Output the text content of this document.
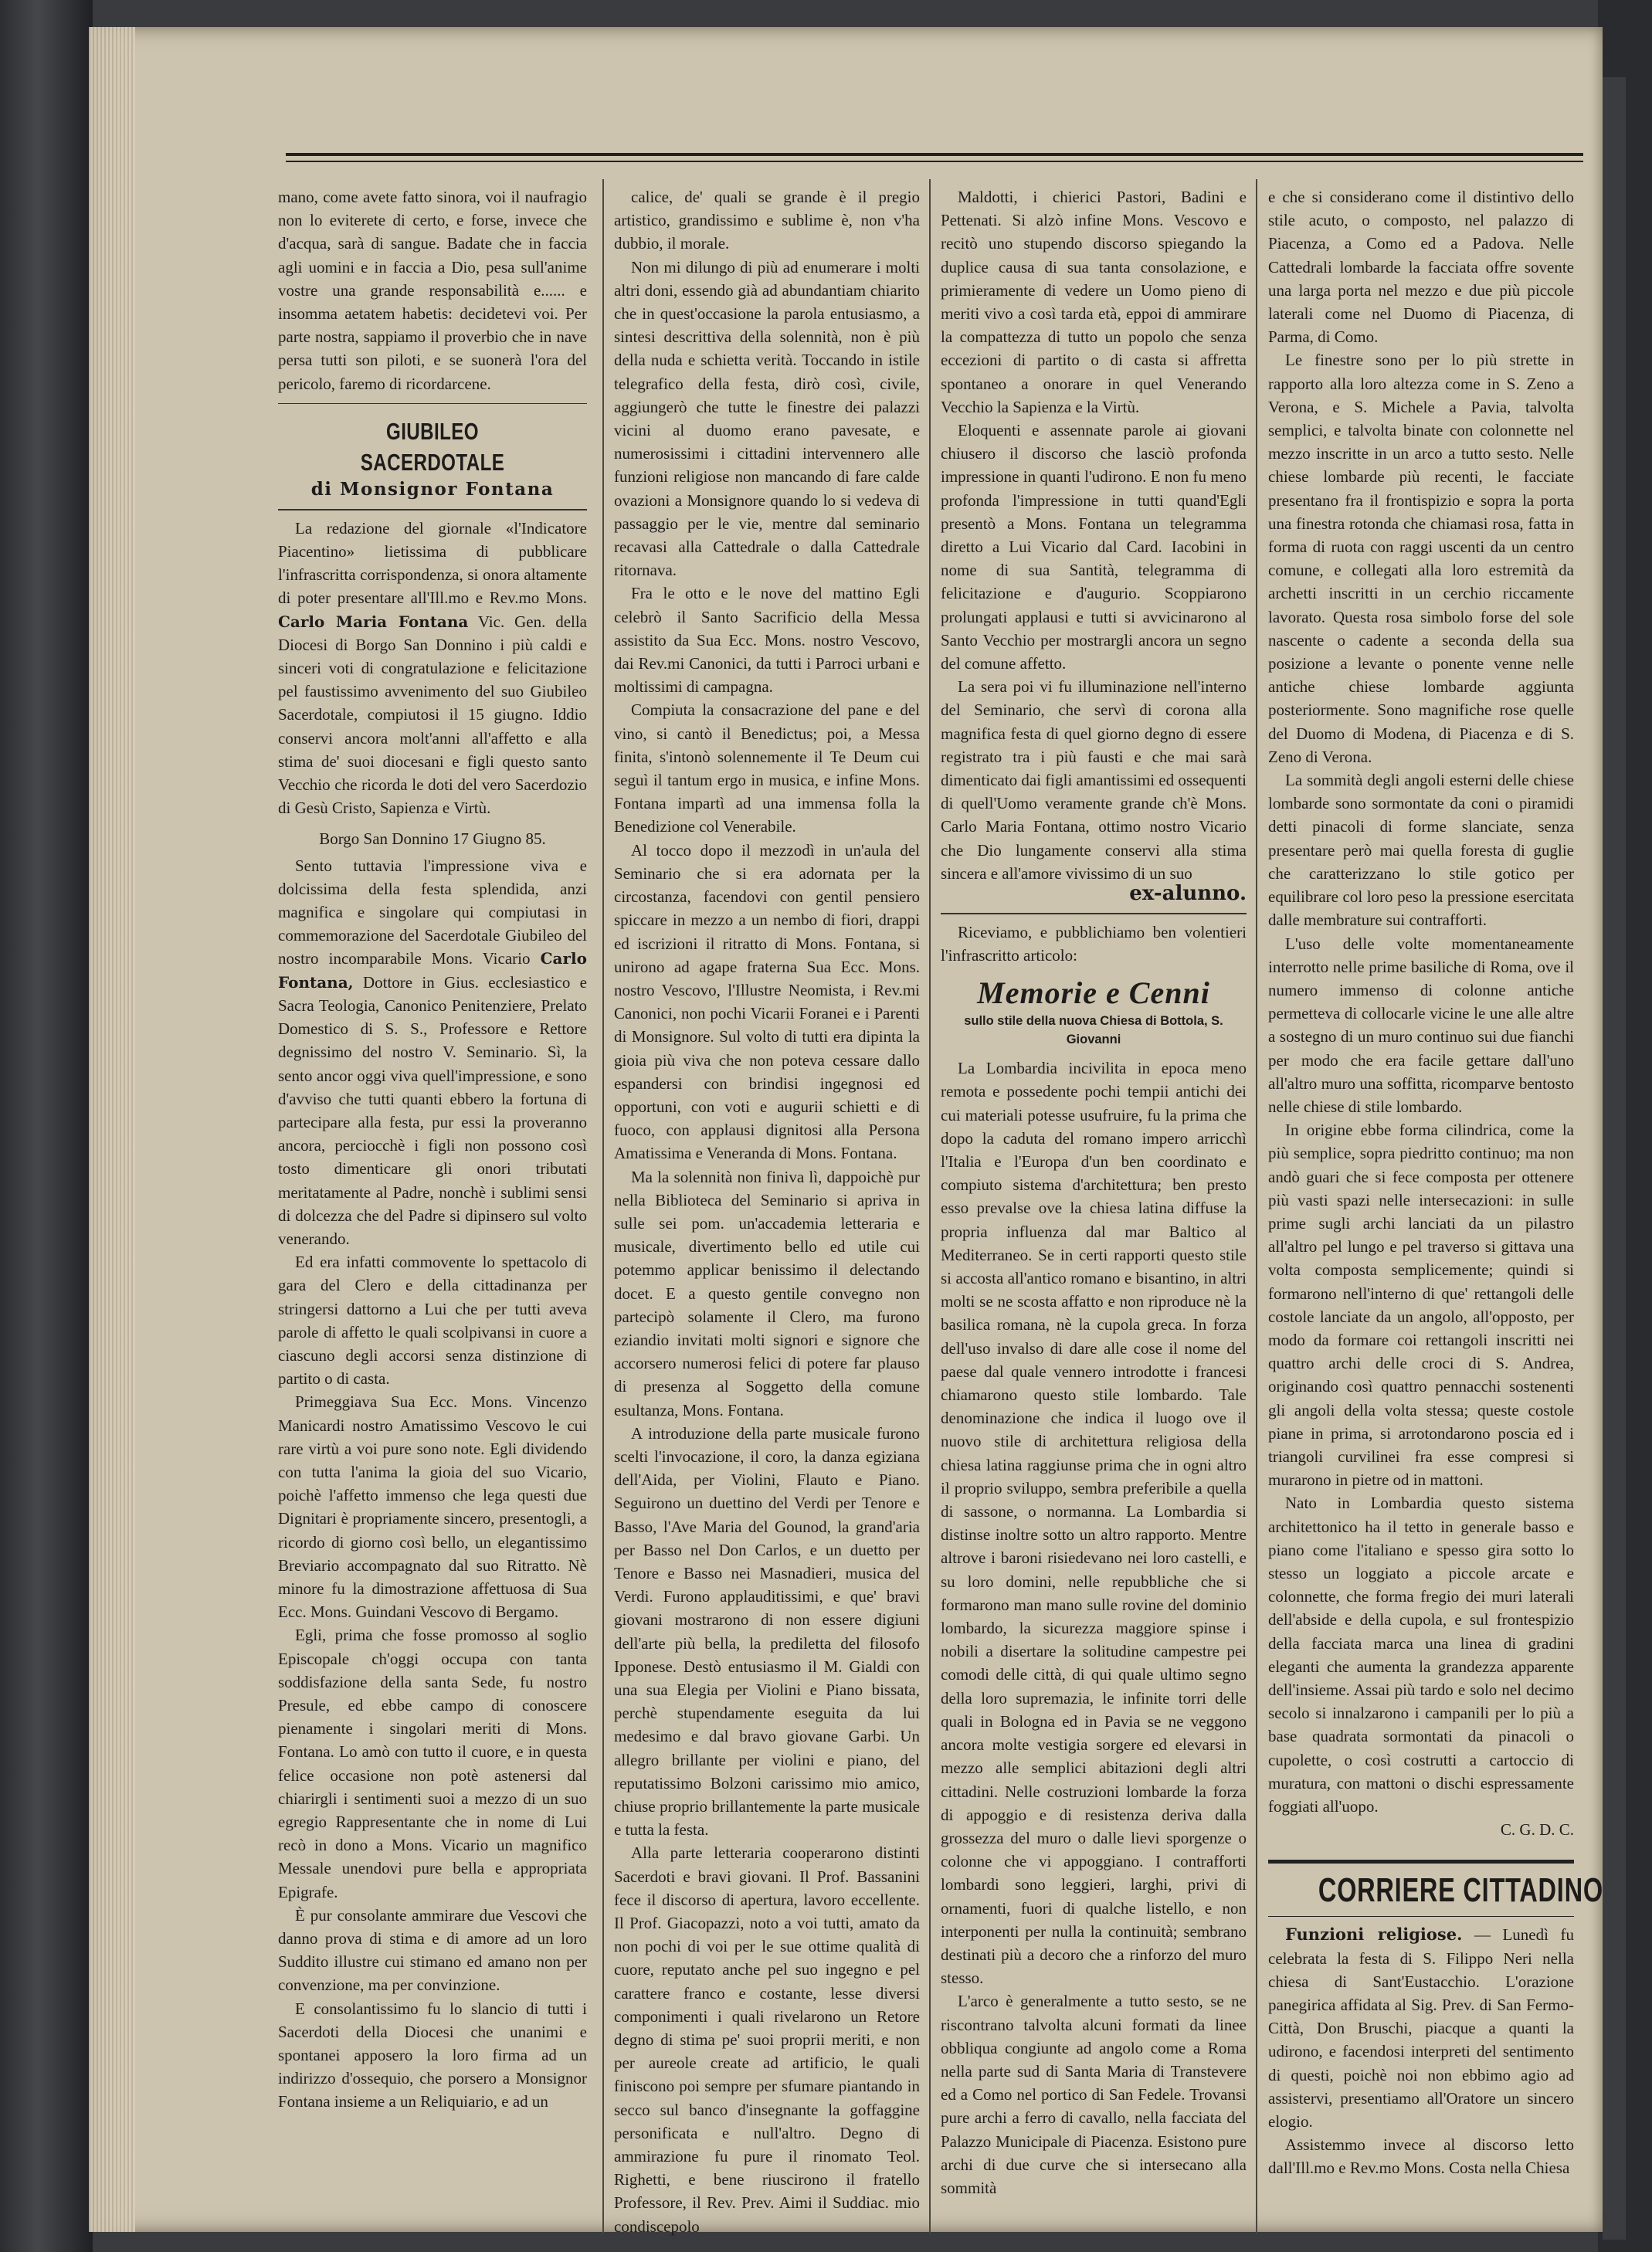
mano, come avete fatto sinora, voi il naufragio non lo eviterete di certo, e forse, invece che d'acqua, sarà di sangue. Badate che in faccia agli uomini e in faccia a Dio, pesa sull'anime vostre una grande responsabilità e...... e insomma aetatem habetis: decidetevi voi. Per parte nostra, sappiamo il proverbio che in nave persa tutti son piloti, e se suonerà l'ora del pericolo, faremo di ricordarcene.

GIUBILEO SACERDOTALE
di Monsignor Fontana

La redazione del giornale «l'Indicatore Piacentino» lietissima di pubblicare l'infrascritta corrispondenza, si onora altamente di poter presentare all'Ill.mo e Rev.mo Mons. Carlo Maria Fontana Vic. Gen. della Diocesi di Borgo San Donnino i più caldi e sinceri voti di congratulazione e felicitazione pel faustissimo avvenimento del suo Giubileo Sacerdotale, compiutosi il 15 giugno. Iddio conservi ancora molt'anni all'affetto e alla stima de' suoi diocesani e figli questo santo Vecchio che ricorda le doti del vero Sacerdozio di Gesù Cristo, Sapienza e Virtù.

Borgo San Donnino 17 Giugno 85.

Sento tuttavia l'impressione viva e dolcissima della festa splendida, anzi magnifica e singolare qui compiutasi in commemorazione del Sacerdotale Giubileo del nostro incomparabile Mons. Vicario Carlo Fontana, Dottore in Gius. ecclesiastico e Sacra Teologia, Canonico Penitenziere, Prelato Domestico di S. S., Professore e Rettore degnissimo del nostro V. Seminario. Sì, la sento ancor oggi viva quell'impressione, e sono d'avviso che tutti quanti ebbero la fortuna di partecipare alla festa, pur essi la proveranno ancora, perciocchè i figli non possono così tosto dimenticare gli onori tributati meritatamente al Padre, nonchè i sublimi sensi di dolcezza che del Padre si dipinsero sul volto venerando.

Ed era infatti commovente lo spettacolo di gara del Clero e della cittadinanza per stringersi dattorno a Lui che per tutti aveva parole di affetto le quali scolpivansi in cuore a ciascuno degli accorsi senza distinzione di partito o di casta.

Primeggiava Sua Ecc. Mons. Vincenzo Manicardi nostro Amatissimo Vescovo le cui rare virtù a voi pure sono note. Egli dividendo con tutta l'anima la gioia del suo Vicario, poichè l'affetto immenso che lega questi due Dignitari è propriamente sincero, presentogli, a ricordo di giorno così bello, un elegantissimo Breviario accompagnato dal suo Ritratto. Nè minore fu la dimostrazione affettuosa di Sua Ecc. Mons. Guindani Vescovo di Bergamo.

Egli, prima che fosse promosso al soglio Episcopale ch'oggi occupa con tanta soddisfazione della santa Sede, fu nostro Presule, ed ebbe campo di conoscere pienamente i singolari meriti di Mons. Fontana. Lo amò con tutto il cuore, e in questa felice occasione non potè astenersi dal chiarirgli i sentimenti suoi a mezzo di un suo egregio Rappresentante che in nome di Lui recò in dono a Mons. Vicario un magnifico Messale unendovi pure bella e appropriata Epigrafe.

È pur consolante ammirare due Vescovi che danno prova di stima e di amore ad un loro Suddito illustre cui stimano ed amano non per convenzione, ma per convinzione.

E consolantissimo fu lo slancio di tutti i Sacerdoti della Diocesi che unanimi e spontanei apposero la loro firma ad un indirizzo d'ossequio, che porsero a Monsignor Fontana insieme a un Reliquiario, e ad un

calice, de' quali se grande è il pregio artistico, grandissimo e sublime è, non v'ha dubbio, il morale.

Non mi dilungo di più ad enumerare i molti altri doni, essendo già ad abundantiam chiarito che in quest'occasione la parola entusiasmo, a sintesi descrittiva della solennità, non è più della nuda e schietta verità. Toccando in istile telegrafico della festa, dirò così, civile, aggiungerò che tutte le finestre dei palazzi vicini al duomo erano pavesate, e numerosissimi i cittadini intervennero alle funzioni religiose non mancando di fare calde ovazioni a Monsignore quando lo si vedeva di passaggio per le vie, mentre dal seminario recavasi alla Cattedrale o dalla Cattedrale ritornava.

Fra le otto e le nove del mattino Egli celebrò il Santo Sacrificio della Messa assistito da Sua Ecc. Mons. nostro Vescovo, dai Rev.mi Canonici, da tutti i Parroci urbani e moltissimi di campagna.

Compiuta la consacrazione del pane e del vino, si cantò il Benedictus; poi, a Messa finita, s'intonò solennemente il Te Deum cui seguì il tantum ergo in musica, e infine Mons. Fontana impartì ad una immensa folla la Benedizione col Venerabile.

Al tocco dopo il mezzodì in un'aula del Seminario che si era adornata per la circostanza, facendovi con gentil pensiero spiccare in mezzo a un nembo di fiori, drappi ed iscrizioni il ritratto di Mons. Fontana, si unirono ad agape fraterna Sua Ecc. Mons. nostro Vescovo, l'Illustre Neomista, i Rev.mi Canonici, non pochi Vicarii Foranei e i Parenti di Monsignore. Sul volto di tutti era dipinta la gioia più viva che non poteva cessare dallo espandersi con brindisi ingegnosi ed opportuni, con voti e augurii schietti e di fuoco, con applausi dignitosi alla Persona Amatissima e Veneranda di Mons. Fontana.

Ma la solennità non finiva lì, dappoichè pur nella Biblioteca del Seminario si apriva in sulle sei pom. un'accademia letteraria e musicale, divertimento bello ed utile cui potemmo applicar benissimo il delectando docet. E a questo gentile convegno non partecipò solamente il Clero, ma furono eziandio invitati molti signori e signore che accorsero numerosi felici di potere far plauso di presenza al Soggetto della comune esultanza, Mons. Fontana.

A introduzione della parte musicale furono scelti l'invocazione, il coro, la danza egiziana dell'Aida, per Violini, Flauto e Piano. Seguirono un duettino del Verdi per Tenore e Basso, l'Ave Maria del Gounod, la grand'aria per Basso nel Don Carlos, e un duetto per Tenore e Basso nei Masnadieri, musica del Verdi. Furono applauditissimi, e que' bravi giovani mostrarono di non essere digiuni dell'arte più bella, la prediletta del filosofo Ipponese. Destò entusiasmo il M. Gialdi con una sua Elegia per Violini e Piano bissata, perchè stupendamente eseguita da lui medesimo e dal bravo giovane Garbi. Un allegro brillante per violini e piano, del reputatissimo Bolzoni carissimo mio amico, chiuse proprio brillantemente la parte musicale e tutta la festa.

Alla parte letteraria cooperarono distinti Sacerdoti e bravi giovani. Il Prof. Bassanini fece il discorso di apertura, lavoro eccellente. Il Prof. Giacopazzi, noto a voi tutti, amato da non pochi di voi per le sue ottime qualità di cuore, reputato anche pel suo ingegno e pel carattere franco e costante, lesse diversi componimenti i quali rivelarono un Retore degno di stima pe' suoi proprii meriti, e non per aureole create ad artificio, le quali finiscono poi sempre per sfumare piantando in secco sul banco d'insegnante la goffaggine personificata e null'altro. Degno di ammirazione fu pure il rinomato Teol. Righetti, e bene riuscirono il fratello Professore, il Rev. Prev. Aimi il Suddiac. mio condiscepolo

Maldotti, i chierici Pastori, Badini e Pettenati. Si alzò infine Mons. Vescovo e recitò uno stupendo discorso spiegando la duplice causa di sua tanta consolazione, e primieramente di vedere un Uomo pieno di meriti vivo a così tarda età, eppoi di ammirare la compattezza di tutto un popolo che senza eccezioni di partito o di casta si affretta spontaneo a onorare in quel Venerando Vecchio la Sapienza e la Virtù.

Eloquenti e assennate parole ai giovani chiusero il discorso che lasciò profonda impressione in quanti l'udirono. E non fu meno profonda l'impressione in tutti quand'Egli presentò a Mons. Fontana un telegramma diretto a Lui Vicario dal Card. Iacobini in nome di sua Santità, telegramma di felicitazione e d'augurio. Scoppiarono prolungati applausi e tutti si avvicinarono al Santo Vecchio per mostrargli ancora un segno del comune affetto.

La sera poi vi fu illuminazione nell'interno del Seminario, che servì di corona alla magnifica festa di quel giorno degno di essere registrato tra i più fausti e che mai sarà dimenticato dai figli amantissimi ed ossequenti di quell'Uomo veramente grande ch'è Mons. Carlo Maria Fontana, ottimo nostro Vicario che Dio lungamente conservi alla stima sincera e all'amore vivissimo di un suo

ex-alunno.

Riceviamo, e pubblichiamo ben volentieri l'infrascritto articolo:

Memorie e Cenni
sullo stile della nuova Chiesa di Bottola, S. Giovanni

La Lombardia incivilita in epoca meno remota e possedente pochi tempii antichi dei cui materiali potesse usufruire, fu la prima che dopo la caduta del romano impero arricchì l'Italia e l'Europa d'un ben coordinato e compiuto sistema d'architettura; ben presto esso prevalse ove la chiesa latina diffuse la propria influenza dal mar Baltico al Mediterraneo. Se in certi rapporti questo stile si accosta all'antico romano e bisantino, in altri molti se ne scosta affatto e non riproduce nè la basilica romana, nè la cupola greca. In forza dell'uso invalso di dare alle cose il nome del paese dal quale vennero introdotte i francesi chiamarono questo stile lombardo. Tale denominazione che indica il luogo ove il nuovo stile di architettura religiosa della chiesa latina raggiunse prima che in ogni altro il proprio sviluppo, sembra preferibile a quella di sassone, o normanna. La Lombardia si distinse inoltre sotto un altro rapporto. Mentre altrove i baroni risiedevano nei loro castelli, e su loro domini, nelle repubbliche che si formarono man mano sulle rovine del dominio lombardo, la sicurezza maggiore spinse i nobili a disertare la solitudine campestre pei comodi delle città, di qui quale ultimo segno della loro supremazia, le infinite torri delle quali in Bologna ed in Pavia se ne veggono ancora molte vestigia sorgere ed elevarsi in mezzo alle semplici abitazioni degli altri cittadini. Nelle costruzioni lombarde la forza di appoggio e di resistenza deriva dalla grossezza del muro o dalle lievi sporgenze o colonne che vi appoggiano. I contrafforti lombardi sono leggieri, larghi, privi di ornamenti, fuori di qualche listello, e non interponenti per nulla la continuità; sembrano destinati più a decoro che a rinforzo del muro stesso.

L'arco è generalmente a tutto sesto, se ne riscontrano talvolta alcuni formati da linee obbliqua congiunte ad angolo come a Roma nella parte sud di Santa Maria di Transtevere ed a Como nel portico di San Fedele. Trovansi pure archi a ferro di cavallo, nella facciata del Palazzo Municipale di Piacenza. Esistono pure archi di due curve che si intersecano alla sommità

e che si considerano come il distintivo dello stile acuto, o composto, nel palazzo di Piacenza, a Como ed a Padova. Nelle Cattedrali lombarde la facciata offre sovente una larga porta nel mezzo e due più piccole laterali come nel Duomo di Piacenza, di Parma, di Como.

Le finestre sono per lo più strette in rapporto alla loro altezza come in S. Zeno a Verona, e S. Michele a Pavia, talvolta semplici, e talvolta binate con colonnette nel mezzo inscritte in un arco a tutto sesto. Nelle chiese lombarde più recenti, le facciate presentano fra il frontispizio e sopra la porta una finestra rotonda che chiamasi rosa, fatta in forma di ruota con raggi uscenti da un centro comune, e collegati alla loro estremità da archetti inscritti in un cerchio riccamente lavorato. Questa rosa simbolo forse del sole nascente o cadente a seconda della sua posizione a levante o ponente venne nelle antiche chiese lombarde aggiunta posteriormente. Sono magnifiche rose quelle del Duomo di Modena, di Piacenza e di S. Zeno di Verona.

La sommità degli angoli esterni delle chiese lombarde sono sormontate da coni o piramidi detti pinacoli di forme slanciate, senza presentare però mai quella foresta di guglie che caratterizzano lo stile gotico per equilibrare col loro peso la pressione esercitata dalle membrature sui contrafforti.

L'uso delle volte momentaneamente interrotto nelle prime basiliche di Roma, ove il numero immenso di colonne antiche permetteva di collocarle vicine le une alle altre a sostegno di un muro continuo sui due fianchi per modo che era facile gettare dall'uno all'altro muro una soffitta, ricomparve bentosto nelle chiese di stile lombardo.

In origine ebbe forma cilindrica, come la più semplice, sopra piedritto continuo; ma non andò guari che si fece composta per ottenere più vasti spazi nelle intersecazioni: in sulle prime sugli archi lanciati da un pilastro all'altro pel lungo e pel traverso si gittava una volta composta semplicemente; quindi si formarono nell'interno di que' rettangoli delle costole lanciate da un angolo, all'opposto, per modo da formare coi rettangoli inscritti nei quattro archi delle croci di S. Andrea, originando così quattro pennacchi sostenenti gli angoli della volta stessa; queste costole piane in prima, si arrotondarono poscia ed i triangoli curvilinei fra esse compresi si murarono in pietre od in mattoni.

Nato in Lombardia questo sistema architettonico ha il tetto in generale basso e piano come l'italiano e spesso gira sotto lo stesso un loggiato a piccole arcate e colonnette, che forma fregio dei muri laterali dell'abside e della cupola, e sul frontespizio della facciata marca una linea di gradini eleganti che aumenta la grandezza apparente dell'insieme. Assai più tardo e solo nel decimo secolo si innalzarono i campanili per lo più a base quadrata sormontati da pinacoli o cupolette, o così costrutti a cartoccio di muratura, con mattoni o dischi espressamente foggiati all'uopo.

C. G. D. C.

CORRIERE CITTADINO

Funzioni religiose. — Lunedì fu celebrata la festa di S. Filippo Neri nella chiesa di Sant'Eustacchio. L'orazione panegirica affidata al Sig. Prev. di San Fermo-Città, Don Bruschi, piacque a quanti la udirono, e facendosi interpreti del sentimento di questi, poichè noi non ebbimo agio ad assistervi, presentiamo all'Oratore un sincero elogio.

Assistemmo invece al discorso letto dall'Ill.mo e Rev.mo Mons. Costa nella Chiesa
